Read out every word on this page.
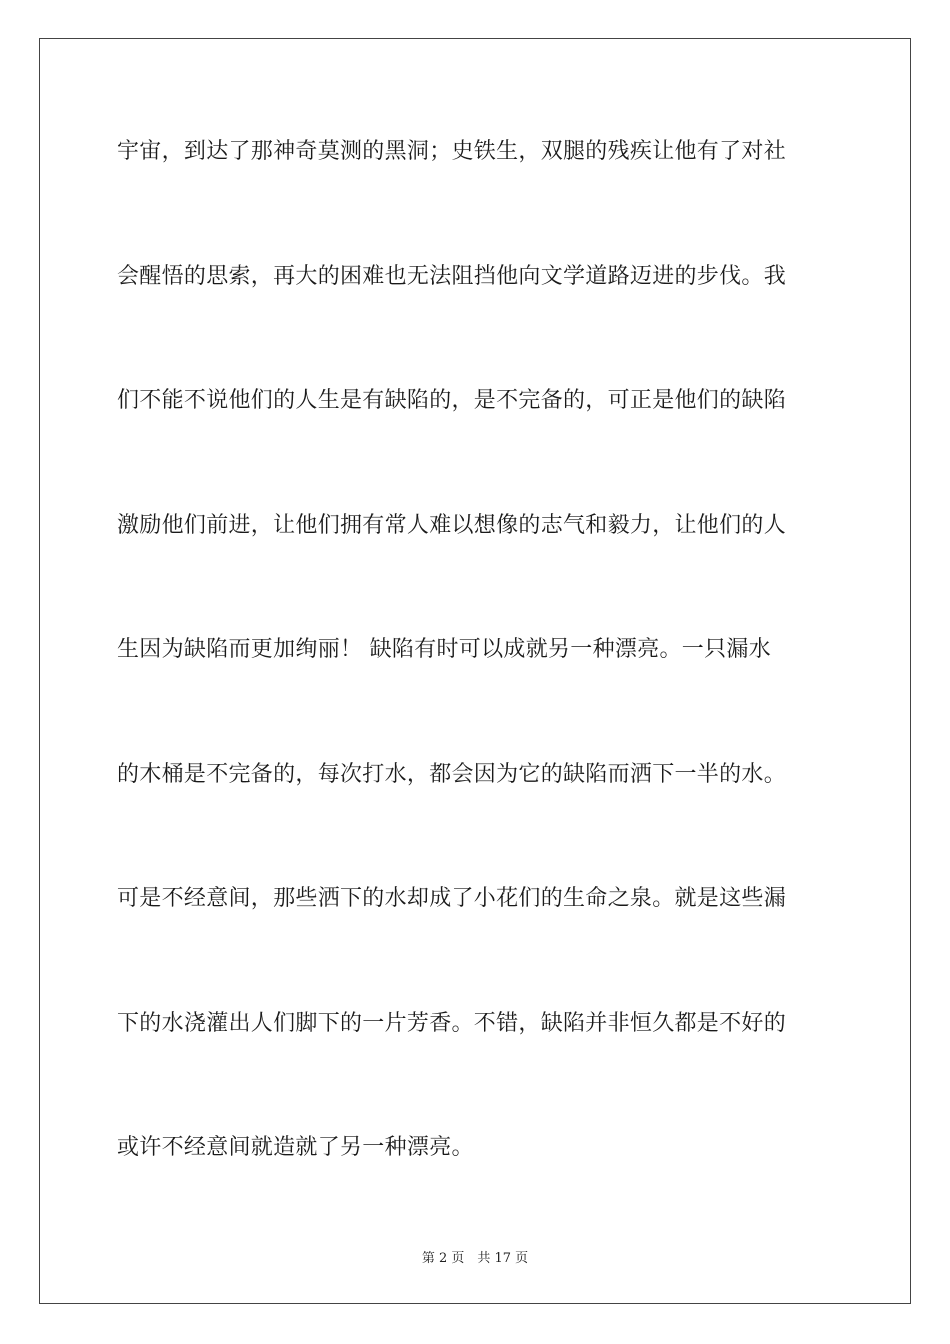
宇宙，到达了那神奇莫测的黑洞；史铁生，双腿的残疾让他有了对社
会醒悟的思索，再大的困难也无法阻挡他向文学道路迈进的步伐。我
们不能不说他们的人生是有缺陷的，是不完备的，可正是他们的缺陷
激励他们前进，让他们拥有常人难以想像的志气和毅力，让他们的人
生因为缺陷而更加绚丽！ 缺陷有时可以成就另一种漂亮。一只漏水
的木桶是不完备的，每次打水，都会因为它的缺陷而洒下一半的水。
可是不经意间，那些洒下的水却成了小花们的生命之泉。就是这些漏
下的水浇灌出人们脚下的一片芳香。不错，缺陷并非恒久都是不好的
或许不经意间就造就了另一种漂亮。
第 2 页　共 17 页
